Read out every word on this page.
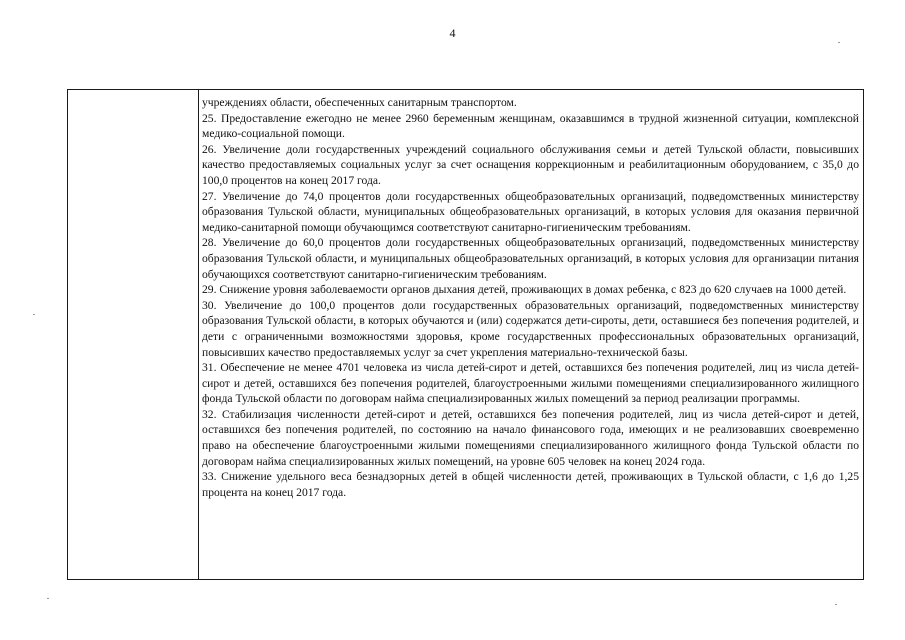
4

учреждениях области, обеспеченных санитарным транспортом.

25. Предоставление ежегодно не менее 2960 беременным женщинам, оказавшимся в трудной жизненной ситуации, комплексной медико-социальной помощи.

26. Увеличение доли государственных учреждений социального обслуживания семьи и детей Тульской области, повысивших качество предоставляемых социальных услуг за счет оснащения коррекционным и реабилитационным оборудованием, с 35,0 до 100,0 процентов на конец 2017 года.

27. Увеличение до 74,0 процентов доли государственных общеобразовательных организаций, подведомственных министерству образования Тульской области, муниципальных общеобразовательных организаций, в которых условия для оказания первичной медико-санитарной помощи обучающимся соответствуют санитарно-гигиеническим требованиям.

28. Увеличение до 60,0 процентов доли государственных общеобразовательных организаций, подведомственных министерству образования Тульской области, и муниципальных общеобразовательных организаций, в которых условия для организации питания обучающихся соответствуют санитарно-гигиеническим требованиям.

29. Снижение уровня заболеваемости органов дыхания детей, проживающих в домах ребенка, с 823 до 620 случаев на 1000 детей.

30. Увеличение до 100,0 процентов доли государственных образовательных организаций, подведомственных министерству образования Тульской области, в которых обучаются и (или) содержатся дети-сироты, дети, оставшиеся без попечения родителей, и дети с ограниченными возможностями здоровья, кроме государственных профессиональных образовательных организаций, повысивших качество предоставляемых услуг за счет укрепления материально-технической базы.

31. Обеспечение не менее 4701 человека из числа детей-сирот и детей, оставшихся без попечения родителей, лиц из числа детей-сирот и детей, оставшихся без попечения родителей, благоустроенными жилыми помещениями специализированного жилищного фонда Тульской области по договорам найма специализированных жилых помещений за период реализации программы.

32. Стабилизация численности детей-сирот и детей, оставшихся без попечения родителей, лиц из числа детей-сирот и детей, оставшихся без попечения родителей, по состоянию на начало финансового года, имеющих и не реализовавших своевременно право на обеспечение благоустроенными жилыми помещениями специализированного жилищного фонда Тульской области по договорам найма специализированных жилых помещений, на уровне 605 человек на конец 2024 года.

33. Снижение удельного веса безнадзорных детей в общей численности детей, проживающих в Тульской области, с 1,6 до 1,25 процента на конец 2017 года.
